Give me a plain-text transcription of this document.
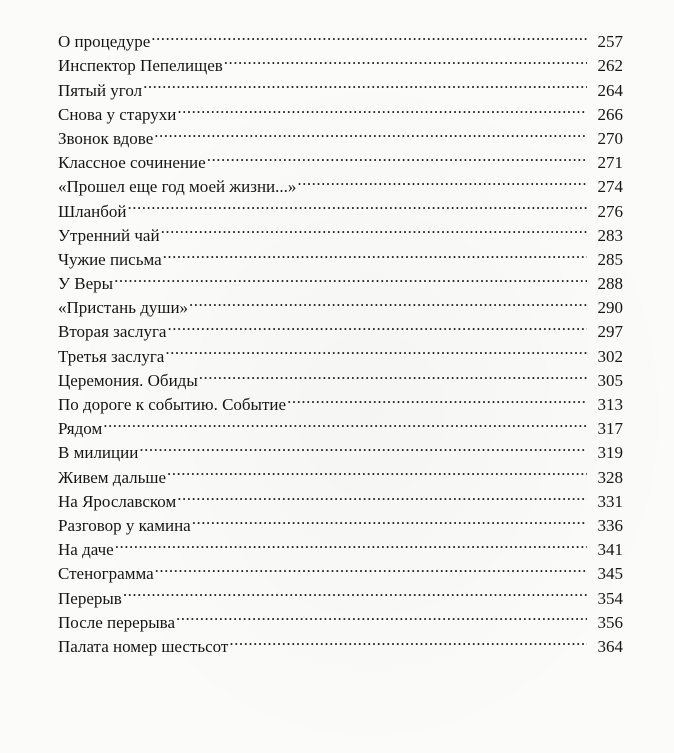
О процедуре .....	257
Инспектор Пепелищев .....	262
Пятый угол .....	264
Снова у старухи .....	266
Звонок вдове .....	270
Классное сочинение .....	271
«Прошел еще год моей жизни...» .....	274
Шланбой .....	276
Утренний чай .....	283
Чужие письма .....	285
У Веры .....	288
«Пристань души» .....	290
Вторая заслуга .....	297
Третья заслуга .....	302
Церемония. Обиды .....	305
По дороге к событию. Событие .....	313
Рядом .....	317
В милиции .....	319
Живем дальше .....	328
На Ярославском .....	331
Разговор у камина .....	336
На даче .....	341
Стенограмма .....	345
Перерыв .....	354
После перерыва .....	356
Палата номер шестьсот .....	364
